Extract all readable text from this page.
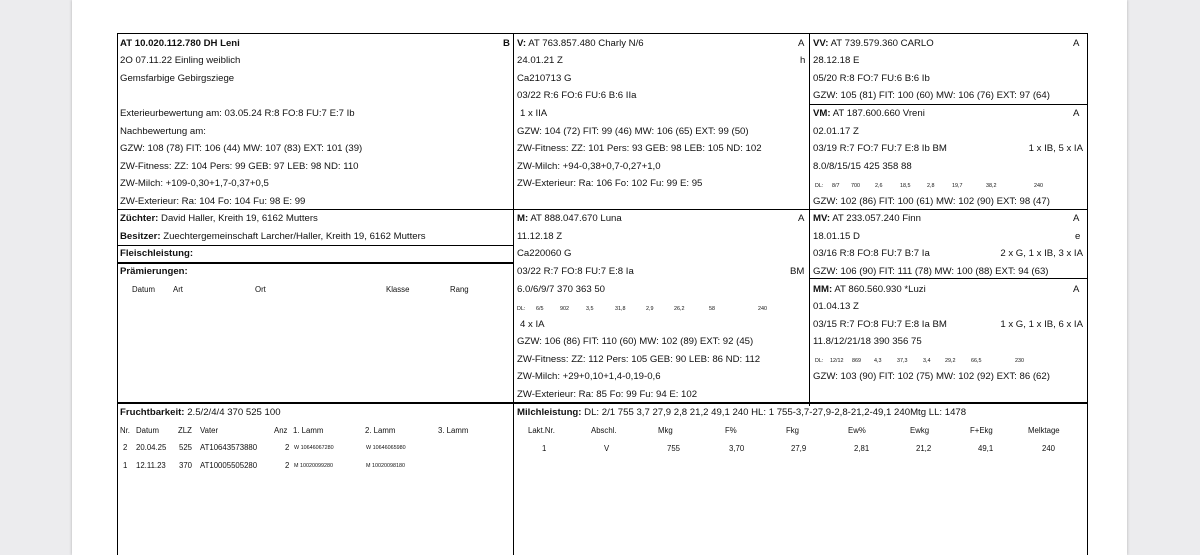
AT 10.020.112.780 DH Leni	B
2O 07.11.22 Einling weiblich
Gemsfarbige Gebirgsziege
Exterieurbewertung am: 03.05.24 R:8 FO:8 FU:7 E:7 Ib
Nachbewertung am:
GZW: 108 (78) FIT: 106 (44) MW: 107 (83) EXT: 101 (39)
ZW-Fitness: ZZ: 104 Pers: 99 GEB: 97 LEB: 98 ND: 110
ZW-Milch: +109-0,30+1,7-0,37+0,5
ZW-Exterieur: Ra: 104 Fo: 104 Fu: 98 E: 99
Züchter: David Haller, Kreith 19, 6162 Mutters
Besitzer: Zuechtergemeinschaft Larcher/Haller, Kreith 19, 6162 Mutters
Fleischleistung:
Prämierungen:
Datum Art	Ort	Klasse	Rang
Fruchtbarkeit: 2.5/2/4/4 370 525 100
Nr. Datum ZLZ Vater	Anz 1. Lamm	2. Lamm	3. Lamm
2 20.04.25 525 AT10643573880	2 W 10646067280	W 10646065980
1 12.11.23 370 AT10005505280	2 M 10020099280	M 10020098180
V: AT 763.857.480 Charly N/6	A
24.01.21 Z	h
Ca210713 G
03/22 R:6 FO:6 FU:6 B:6 IIa
1 x IIA
GZW: 104 (72) FIT: 99 (46) MW: 106 (65) EXT: 99 (50)
ZW-Fitness: ZZ: 101 Pers: 93 GEB: 98 LEB: 105 ND: 102
ZW-Milch: +94-0,38+0,7-0,27+1,0
ZW-Exterieur: Ra: 106 Fo: 102 Fu: 99 E: 95
M: AT 888.047.670 Luna	A
11.12.18 Z
Ca220060 G
03/22 R:7 FO:8 FU:7 E:8 Ia	BM
6.0/6/9/7 370 363 50
DL: 6/5	902	3,5	31,8	2,9	26,2	58	240
4 x IA
GZW: 106 (86) FIT: 110 (60) MW: 102 (89) EXT: 92 (45)
ZW-Fitness: ZZ: 112 Pers: 105 GEB: 90 LEB: 86 ND: 112
ZW-Milch: +29+0,10+1,4-0,19-0,6
ZW-Exterieur: Ra: 85 Fo: 99 Fu: 94 E: 102
Milchleistung: DL: 2/1 755 3,7 27,9 2,8 21,2 49,1 240 HL: 1 755-3,7-27,9-2,8-21,2-49,1 240Mtg LL: 1478
Lakt.Nr.	Abschl.	Mkg	F%	Fkg	Ew%	Ewkg	F+Ekg	Melktage
1	V	755	3,70	27,9	2,81	21,2	49,1	240
VV: AT 739.579.360 CARLO	A
28.12.18 E
05/20 R:8 FO:7 FU:6 B:6 Ib
GZW: 105 (81) FIT: 100 (60) MW: 106 (76) EXT: 97 (64)
VM: AT 187.600.660 Vreni	A
02.01.17 Z
03/19 R:7 FO:7 FU:7 E:8 Ib BM	1 x IB, 5 x IA
8.0/8/15/15 425 358 88
DL: 8/7 700	2,6	18,5	2,8	19,7	38,2	240
GZW: 102 (86) FIT: 100 (61) MW: 102 (90) EXT: 98 (47)
MV: AT 233.057.240 Finn	A
18.01.15 D	e
03/16 R:8 FO:8 FU:7 B:7 Ia	2 x G, 1 x IB, 3 x IA
GZW: 106 (90) FIT: 111 (78) MW: 100 (88) EXT: 94 (63)
MM: AT 860.560.930 *Luzi	A
01.04.13 Z
03/15 R:7 FO:8 FU:7 E:8 Ia BM	1 x G, 1 x IB, 6 x IA
11.8/12/21/18 390 356 75
DL: 12/12 869 4,3	37,3	3,4	29,2	66,5	230
GZW: 103 (90) FIT: 102 (75) MW: 102 (92) EXT: 86 (62)
